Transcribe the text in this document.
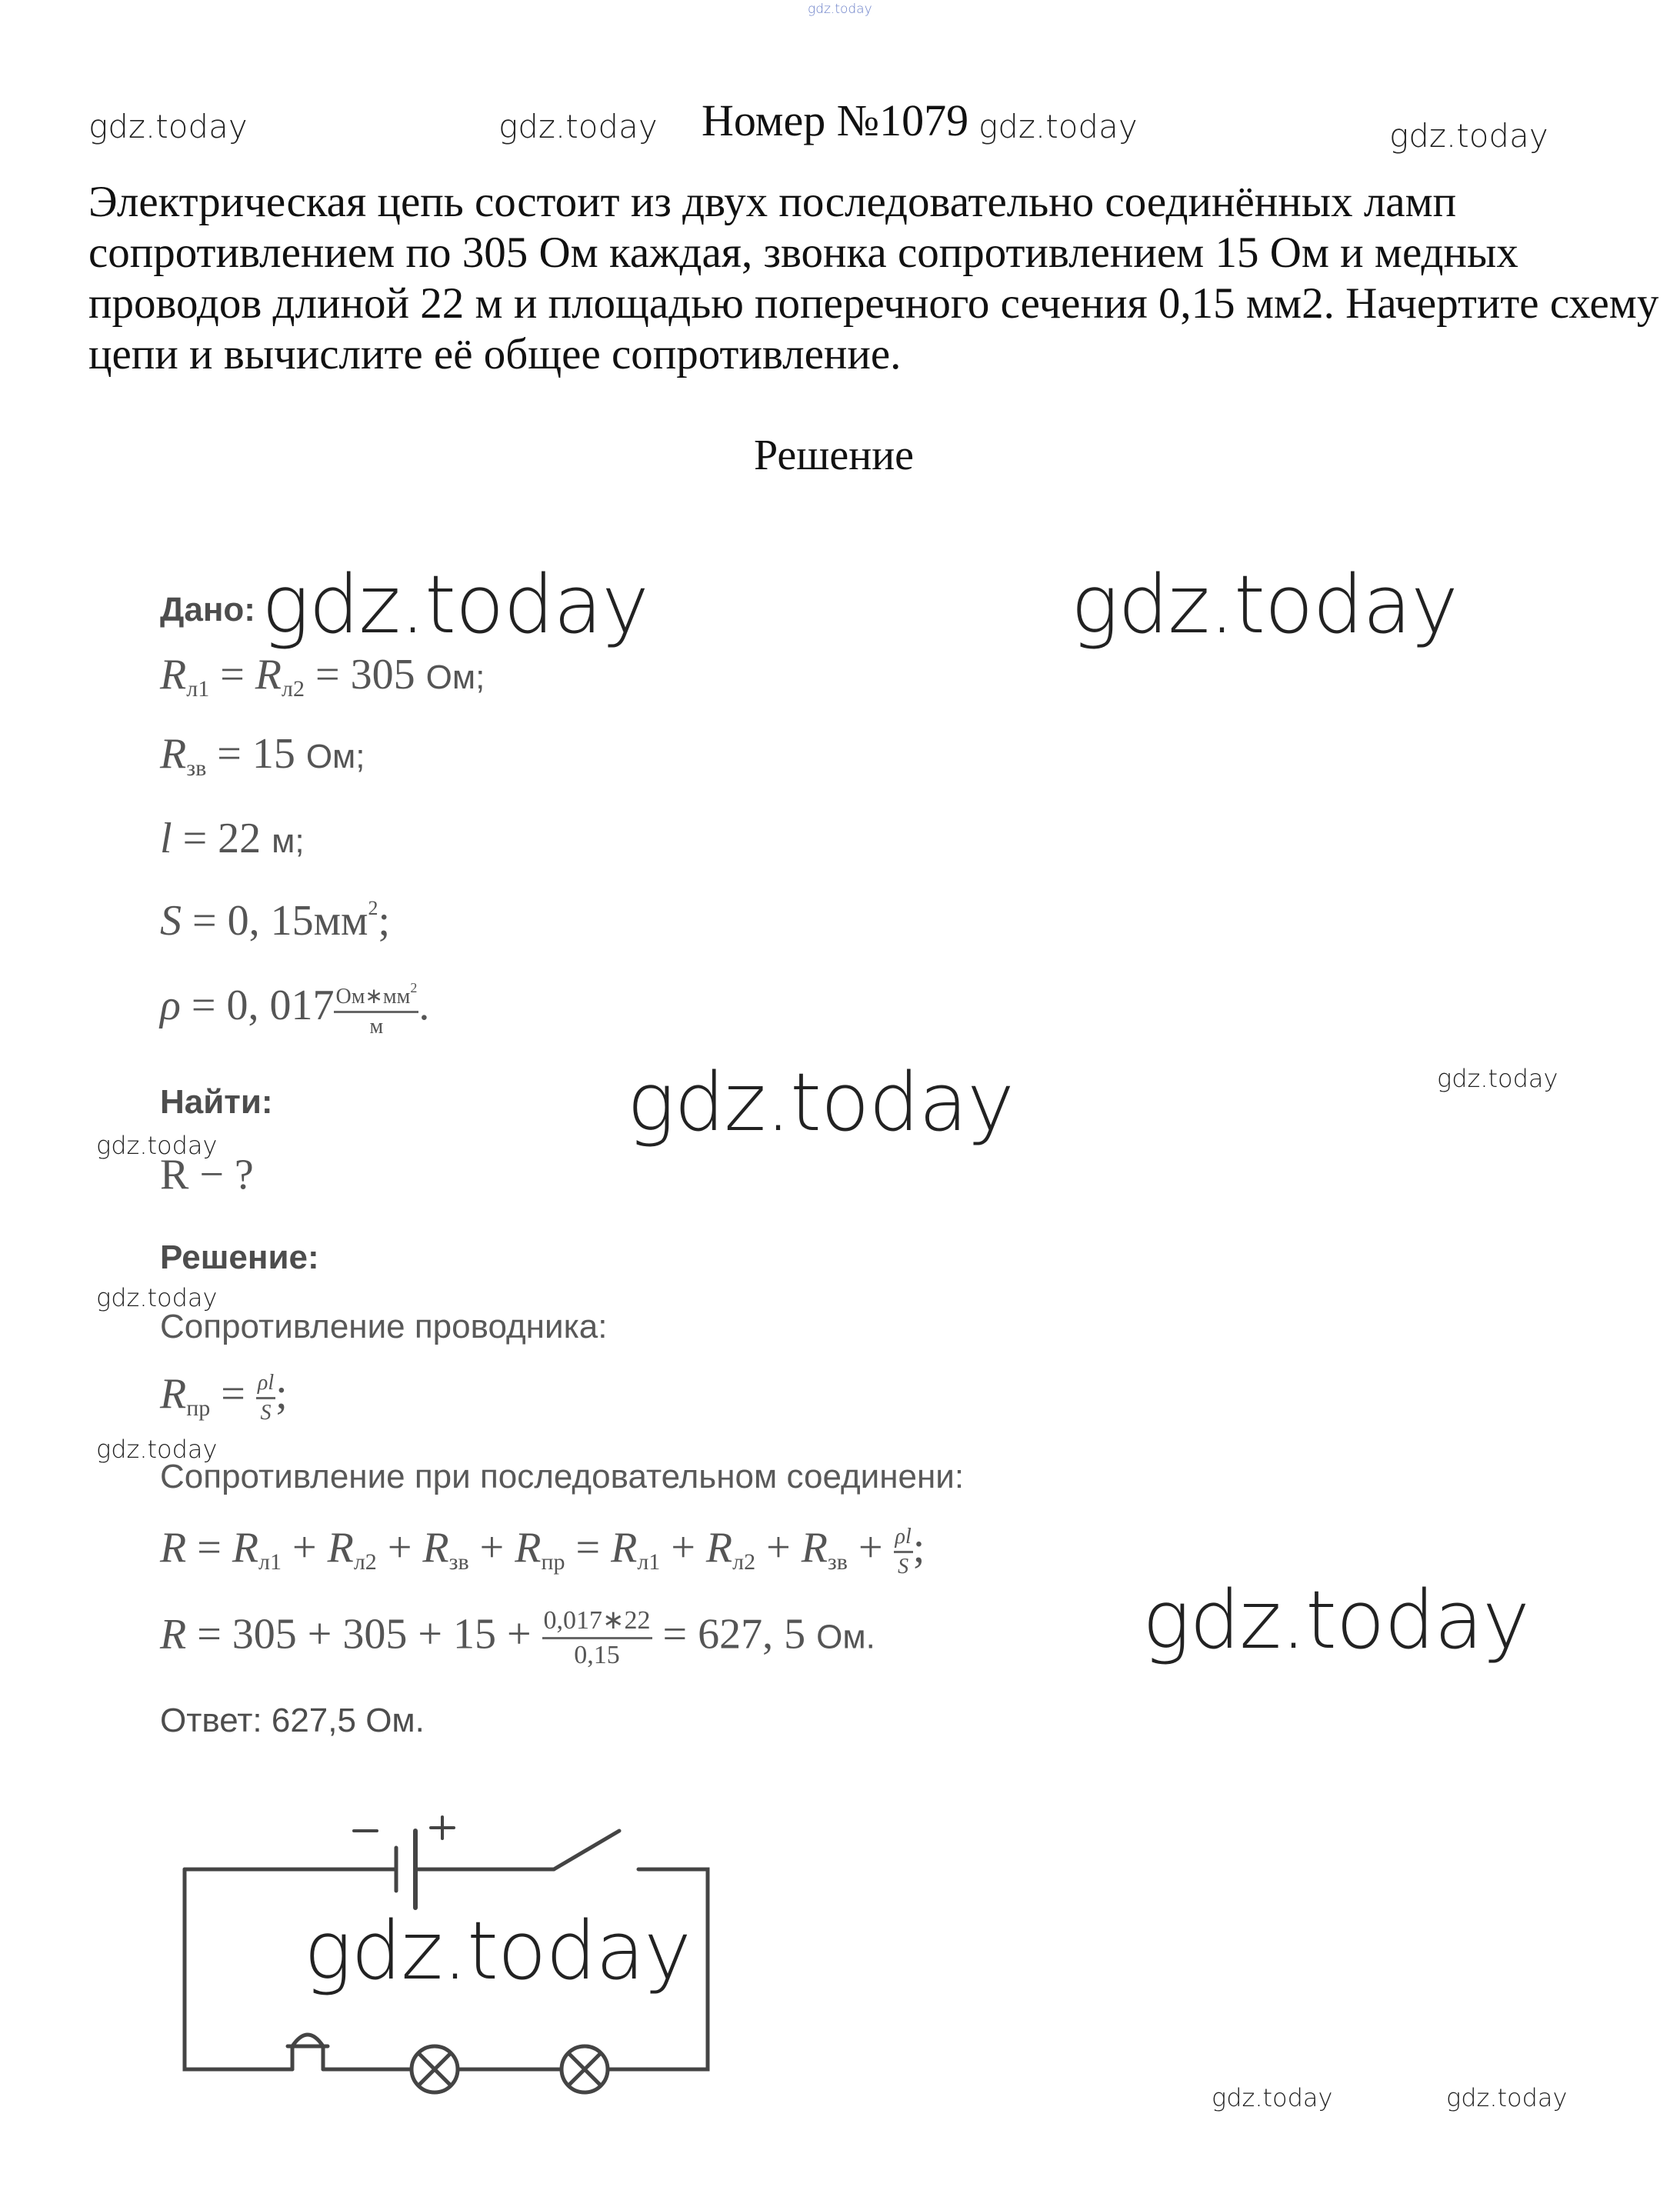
gdz.today
gdz.today	gdz.today Номер №1079 gdz.today	gdz.today
Электрическая цепь состоит из двух последовательно соединённых ламп сопротивлением по 305 Ом каждая, звонка сопротивлением 15 Ом и медных проводов длиной 22 м и площадью поперечного сечения 0,15 мм2. Начертите схему цепи и вычислите её общее сопротивление.
Решение
Дано: gdz.today	gdz.today
$R_{л1} = R_{л2} = 305$ Ом;
$R_{зв} = 15$ Ом;
l = 22 м;
S = 0, $15мм^2$;
ρ = 0, $017 \frac{Ом∗мм^2}{м}$ .
Найти:	gdz.today	gdz.today
gdz.today
R − ?
Решение:
gdz.today
Сопротивление проводника:
$R_{пр} = \frac{\rho l}{S}$ ;
gdz.today
Сопротивление при последовательном соединени:
$R = R_{л1} + R_{л2} + R_{зв} + R_{пр} = R_{л1} + R_{л2} + R_{зв} + \frac{\rho l}{S}$ ;
$R = 305 + 305 + 15 + \frac{0,017∗22}{0,15} = 627$, 5 Ом.	gdz.today
Ответ: 627,5 Ом.
gdz.today
gdz.today	gdz.today
